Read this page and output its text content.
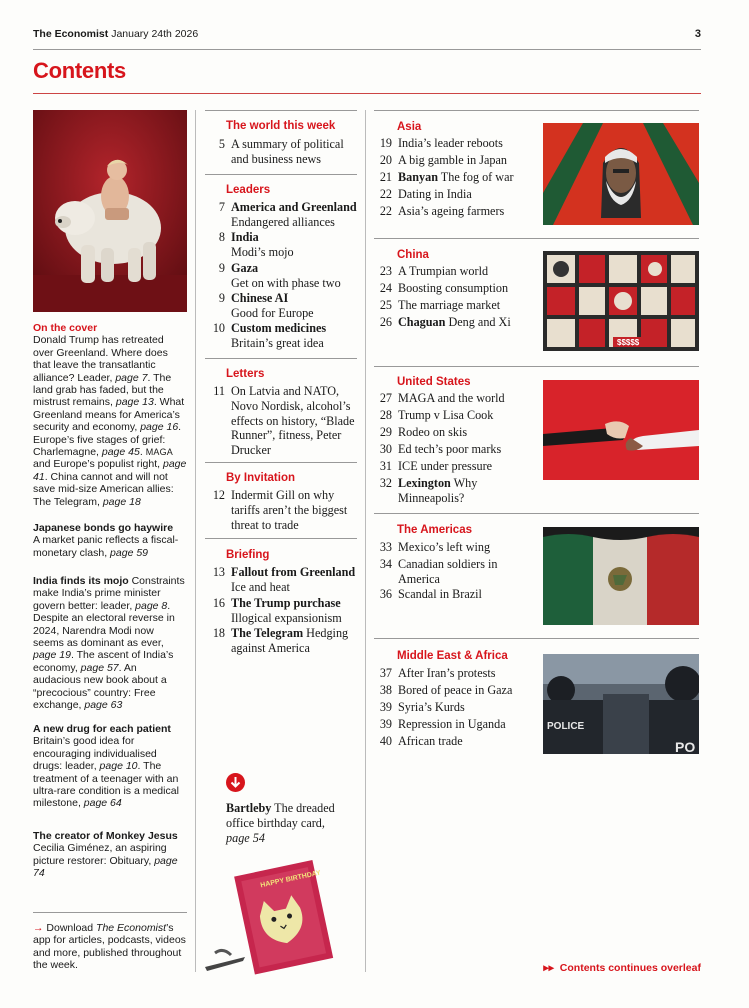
The Economist January 24th 2026	3
Contents
On the cover
Donald Trump has retreated over Greenland. Where does that leave the transatlantic alliance? Leader, page 7. The land grab has faded, but the mistrust remains, page 13. What Greenland means for America’s security and economy, page 16. Europe’s five stages of grief: Charlemagne, page 45. MAGA and Europe’s populist right, page 41. China cannot and will not save mid-size American allies: The Telegram, page 18
Japanese bonds go haywire
A market panic reflects a fiscal-monetary clash, page 59
India finds its mojo Constraints make India’s prime minister govern better: leader, page 8. Despite an electoral reverse in 2024, Narendra Modi now seems as dominant as ever, page 19. The ascent of India’s economy, page 57. An audacious new book about a “precocious” country: Free exchange, page 63
A new drug for each patient
Britain’s good idea for encouraging individualised drugs: leader, page 10. The treatment of a teenager with an ultra-rare condition is a medical milestone, page 64
The creator of Monkey Jesus
Cecilia Giménez, an aspiring picture restorer: Obituary, page 74
→ Download The Economist’s app for articles, podcasts, videos and more, published throughout the week.
The world this week
5 A summary of political and business news
Leaders
7 America and Greenland
Endangered alliances
8 India
Modi’s mojo
9 Gaza
Get on with phase two
9 Chinese AI
Good for Europe
10 Custom medicines
Britain’s great idea
Letters
11 On Latvia and NATO, Novo Nordisk, alcohol’s effects on history, “Blade Runner”, fitness, Peter Drucker
By Invitation
12 Indermit Gill on why tariffs aren’t the biggest threat to trade
Briefing
13 Fallout from Greenland
Ice and heat
16 The Trump purchase
Illogical expansionism
18 The Telegram Hedging against America
Bartleby The dreaded office birthday card, page 54
HAPPY BIRTHDAY
Asia
19 India’s leader reboots
20 A big gamble in Japan
21 Banyan The fog of war
22 Dating in India
22 Asia’s ageing farmers
China
23 A Trumpian world
24 Boosting consumption
25 The marriage market
26 Chaguan Deng and Xi
$$$$$
United States
27 MAGA and the world
28 Trump v Lisa Cook
29 Rodeo on skis
30 Ed tech’s poor marks
31 ICE under pressure
32 Lexington Why Minneapolis?
The Americas
33 Mexico’s left wing
34 Canadian soldiers in America
36 Scandal in Brazil
Middle East & Africa
37 After Iran’s protests
38 Bored of peace in Gaza
39 Syria’s Kurds
39 Repression in Uganda
40 African trade
POLICE
PO
▸▸ Contents continues overleaf
